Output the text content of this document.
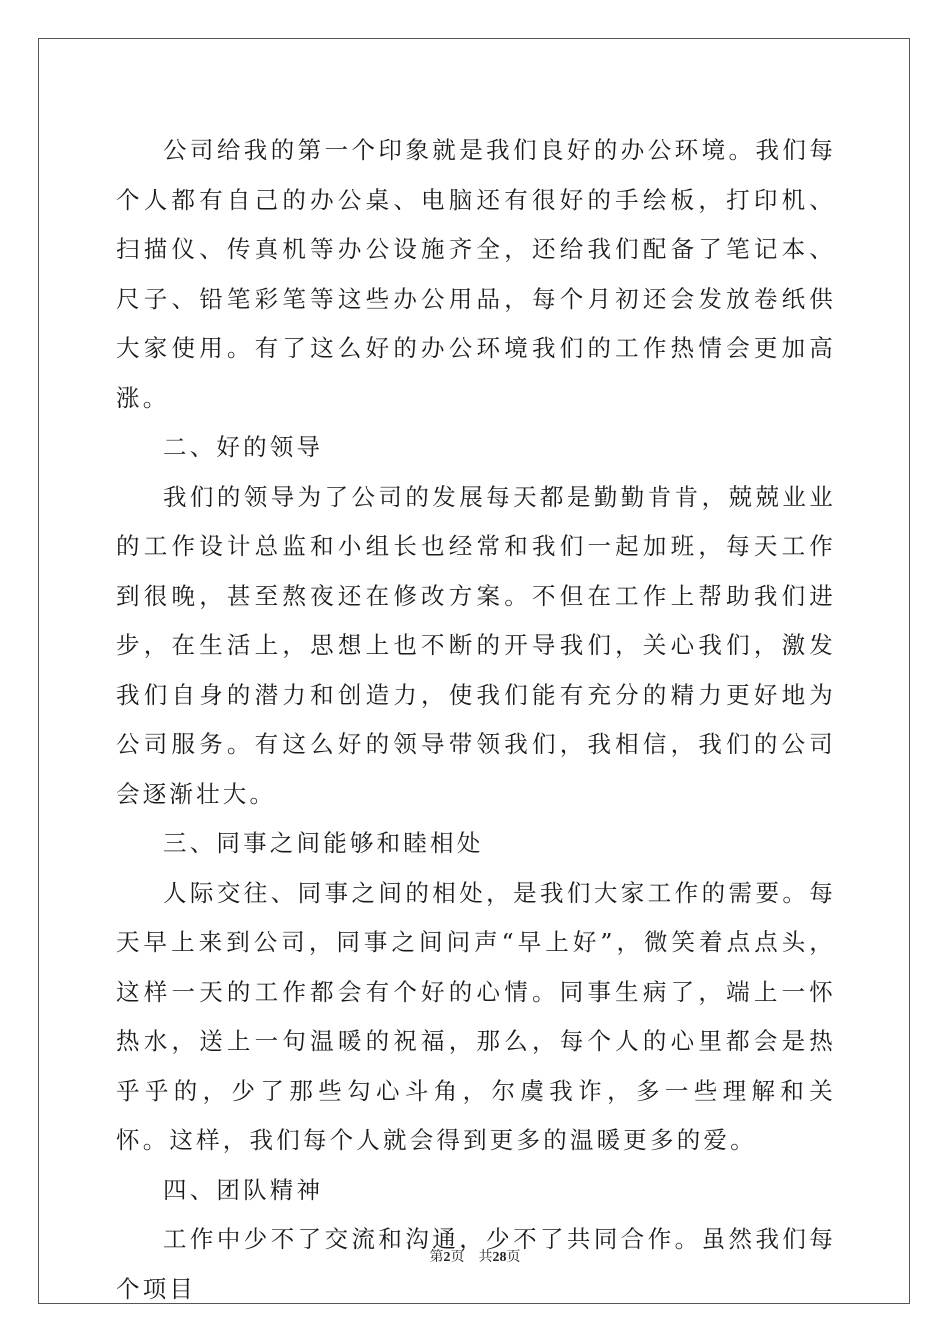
公司给我的第一个印象就是我们良好的办公环境。我们每个人都有自己的办公桌、电脑还有很好的手绘板，打印机、扫描仪、传真机等办公设施齐全，还给我们配备了笔记本、尺子、铅笔彩笔等这些办公用品，每个月初还会发放卷纸供大家使用。有了这么好的办公环境我们的工作热情会更加高涨。

二、好的领导

我们的领导为了公司的发展每天都是勤勤肯肯，兢兢业业的工作设计总监和小组长也经常和我们一起加班，每天工作到很晚，甚至熬夜还在修改方案。不但在工作上帮助我们进步，在生活上，思想上也不断的开导我们，关心我们，激发我们自身的潜力和创造力，使我们能有充分的精力更好地为公司服务。有这么好的领导带领我们，我相信，我们的公司会逐渐壮大。

三、同事之间能够和睦相处

人际交往、同事之间的相处，是我们大家工作的需要。每天早上来到公司，同事之间问声“早上好”，微笑着点点头，这样一天的工作都会有个好的心情。同事生病了，端上一怀热水，送上一句温暖的祝福，那么，每个人的心里都会是热乎乎的，少了那些勾心斗角，尔虞我诈，多一些理解和关怀。这样，我们每个人就会得到更多的温暖更多的爱。

四、团队精神

工作中少不了交流和沟通，少不了共同合作。虽然我们每个项目

第2页 共28页
